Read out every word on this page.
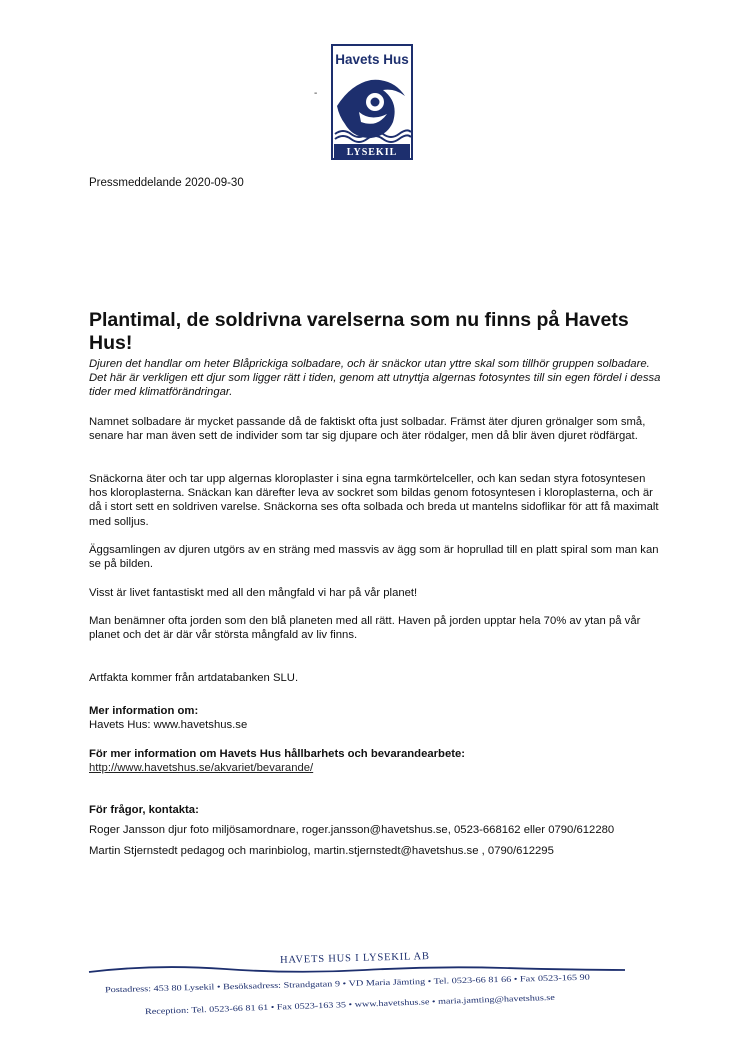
Havets Hus
LYSEKIL
-
Pressmeddelande 2020-09-30
Plantimal, de soldrivna varelserna som nu finns på Havets Hus!

Djuren det handlar om heter Blåprickiga solbadare, och är snäckor utan yttre skal som tillhör gruppen solbadare. Det här är verkligen ett djur som ligger rätt i tiden, genom att utnyttja algernas fotosyntes till sin egen fördel i dessa tider med klimatförändringar.

Namnet solbadare är mycket passande då de faktiskt ofta just solbadar. Främst äter djuren grönalger som små, senare har man även sett de individer som tar sig djupare och äter rödalger, men då blir även djuret rödfärgat.

Snäckorna äter och tar upp algernas kloroplaster i sina egna tarmkörtelceller, och kan sedan styra fotosyntesen hos kloroplasterna. Snäckan kan därefter leva av sockret som bildas genom fotosyntesen i kloroplasterna, och är då i stort sett en soldriven varelse. Snäckorna ses ofta solbada och breda ut mantelns sidoflikar för att få maximalt med solljus.

Äggsamlingen av djuren utgörs av en sträng med massvis av ägg som är hoprullad till en platt spiral som man kan se på bilden.

Visst är livet fantastiskt med all den mångfald vi har på vår planet!

Man benämner ofta jorden som den blå planeten med all rätt. Haven på jorden upptar hela 70% av ytan på vår planet och det är där vår största mångfald av liv finns.

Artfakta kommer från artdatabanken SLU.

Mer information om:
Havets Hus: www.havetshus.se
För mer information om Havets Hus hållbarhets och bevarandearbete:
http://www.havetshus.se/akvariet/bevarande/
För frågor, kontakta:
Roger Jansson djur foto miljösamordnare, roger.jansson@havetshus.se, 0523-668162 eller 0790/612280
Martin Stjernstedt pedagog och marinbiolog, martin.stjernstedt@havetshus.se , 0790/612295
HAVETS HUS I LYSEKIL AB
Postadress: 453 80 Lysekil • Besöksadress: Strandgatan 9 • VD Maria Jämting • Tel. 0523-66 81 66 • Fax 0523-165 90
Reception: Tel. 0523-66 81 61 • Fax 0523-163 35 • www.havetshus.se • maria.jamting@havetshus.se
